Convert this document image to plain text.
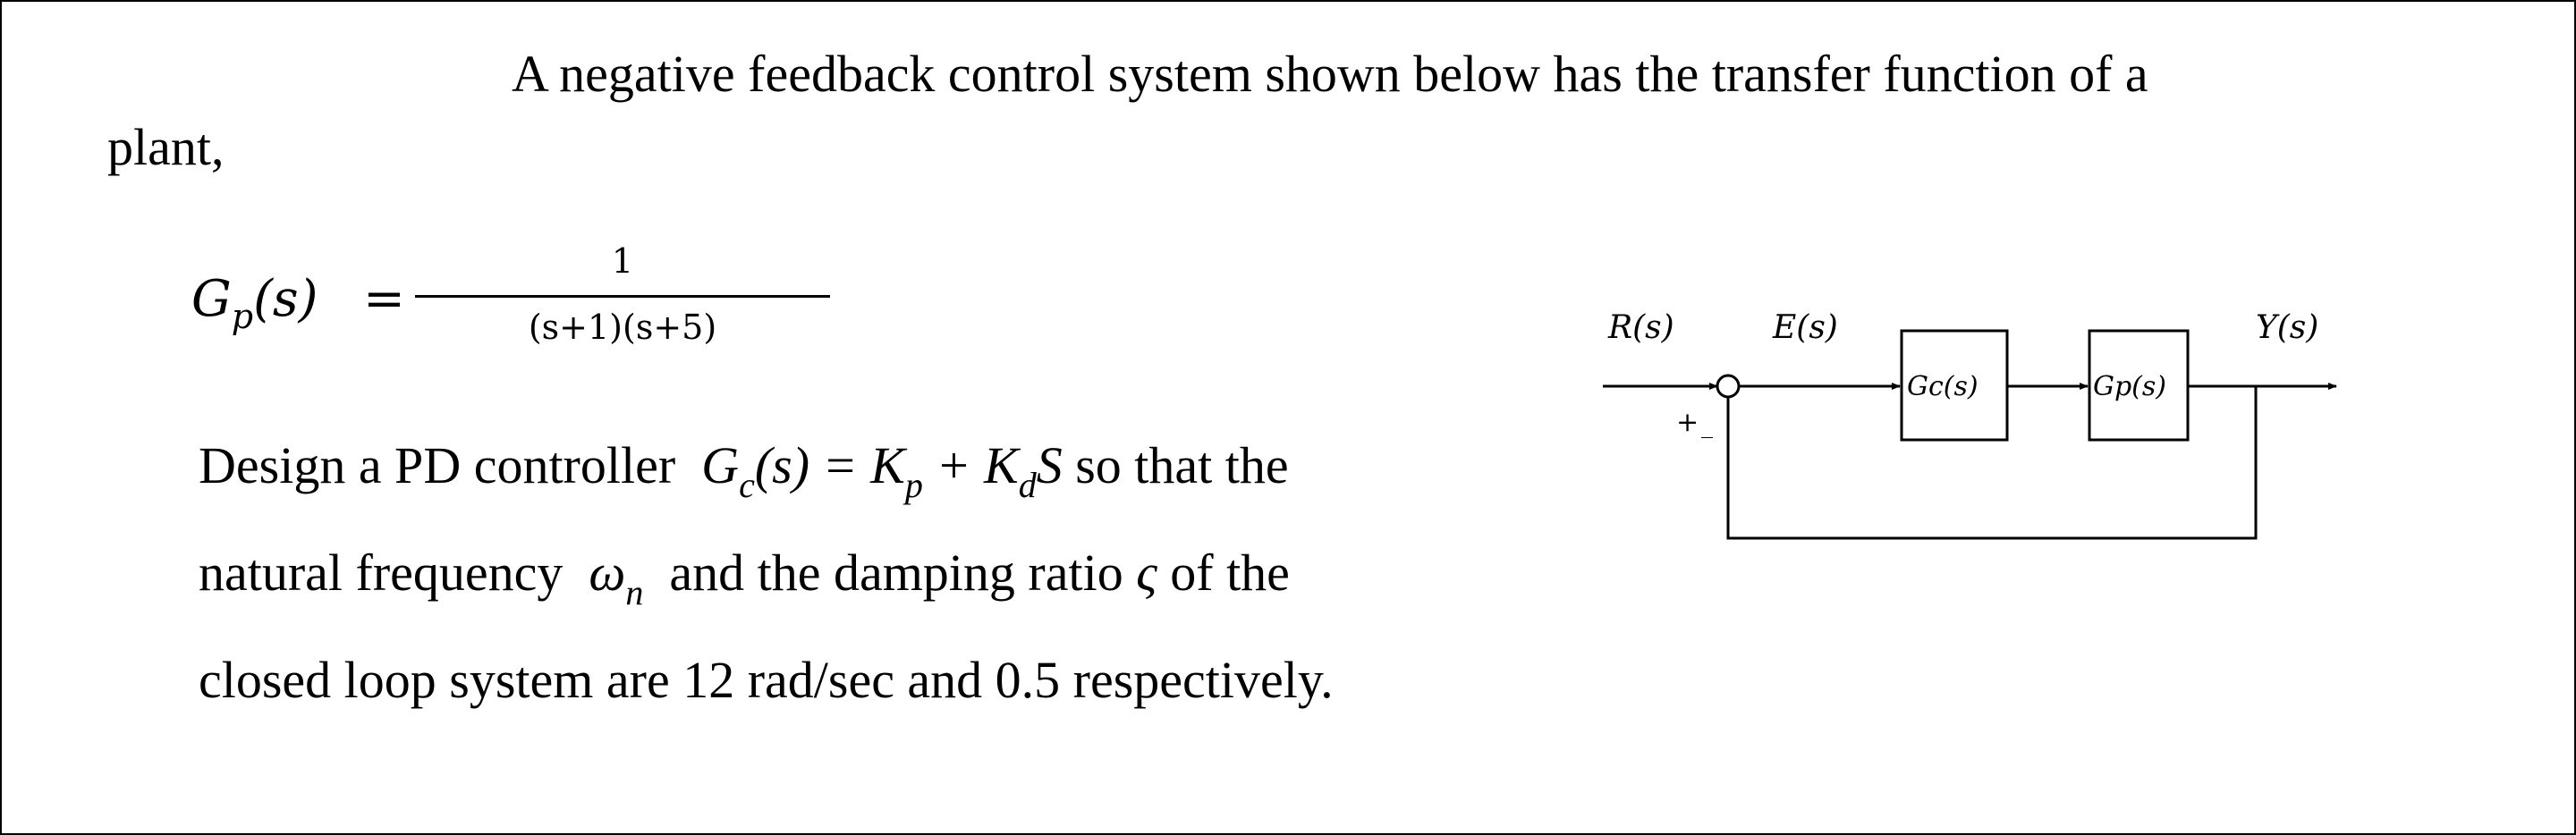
A negative feedback control system shown below has the transfer function of a
plant,
$G_p(s)$ =
1
(s+1)(s+5)
Design a PD controller $G_c(s) = K_p + K_dS$ so that the
natural frequency $\omega_n$ and the damping ratio ς of the
closed loop system are 12 rad/sec and 0.5 respectively.
R(s)	E(s)	Y(s)
+ _
Gc(s)	Gp(s)
